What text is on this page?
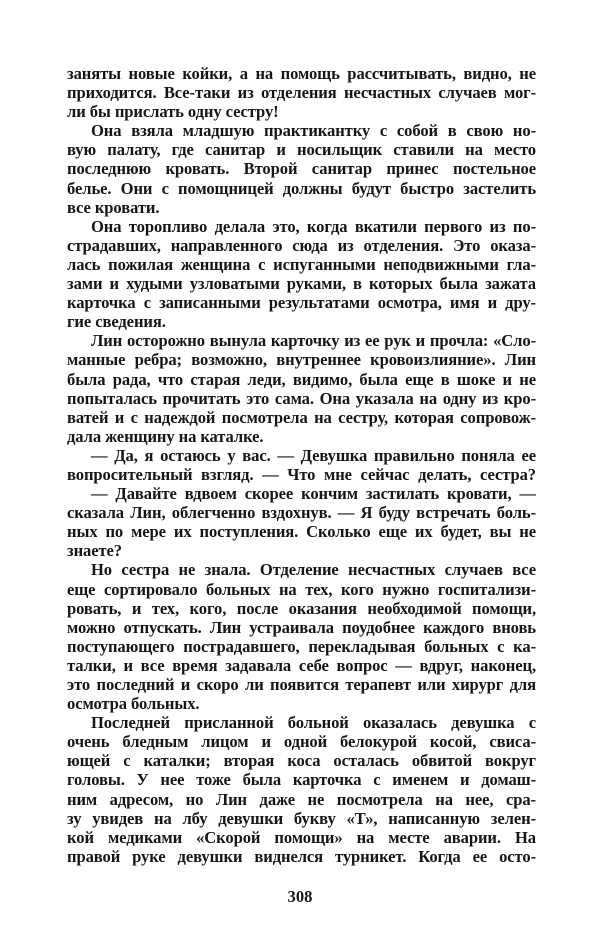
заняты новые койки, а на помощь рассчитывать, видно, не
приходится. Все-таки из отделения несчастных случаев мог-
ли бы прислать одну сестру!
Она взяла младшую практикантку с собой в свою но-
вую палату, где санитар и носильщик ставили на место
последнюю кровать. Второй санитар принес постельное
белье. Они с помощницей должны будут быстро застелить
все кровати.
Она торопливо делала это, когда вкатили первого из по-
страдавших, направленного сюда из отделения. Это оказа-
лась пожилая женщина с испуганными неподвижными гла-
зами и худыми узловатыми руками, в которых была зажата
карточка с записанными результатами осмотра, имя и дру-
гие сведения.
Лин осторожно вынула карточку из ее рук и прочла: «Сло-
манные ребра; возможно, внутреннее кровоизлияние». Лин
была рада, что старая леди, видимо, была еще в шоке и не
попыталась прочитать это сама. Она указала на одну из кро-
ватей и с надеждой посмотрела на сестру, которая сопровож-
дала женщину на каталке.
— Да, я остаюсь у вас. — Девушка правильно поняла ее
вопросительный взгляд. — Что мне сейчас делать, сестра?
— Давайте вдвоем скорее кончим застилать кровати, —
сказала Лин, облегченно вздохнув. — Я буду встречать боль-
ных по мере их поступления. Сколько еще их будет, вы не
знаете?
Но сестра не знала. Отделение несчастных случаев все
еще сортировало больных на тех, кого нужно госпитализи-
ровать, и тех, кого, после оказания необходимой помощи,
можно отпускать. Лин устраивала поудобнее каждого вновь
поступающего пострадавшего, перекладывая больных с ка-
талки, и все время задавала себе вопрос — вдруг, наконец,
это последний и скоро ли появится терапевт или хирург для
осмотра больных.
Последней присланной больной оказалась девушка с
очень бледным лицом и одной белокурой косой, свиса-
ющей с каталки; вторая коса осталась обвитой вокруг
головы. У нее тоже была карточка с именем и домаш-
ним адресом, но Лин даже не посмотрела на нее, сра-
зу увидев на лбу девушки букву «Т», написанную зелен-
кой медиками «Скорой помощи» на месте аварии. На
правой руке девушки виднелся турникет. Когда ее осто-
308
